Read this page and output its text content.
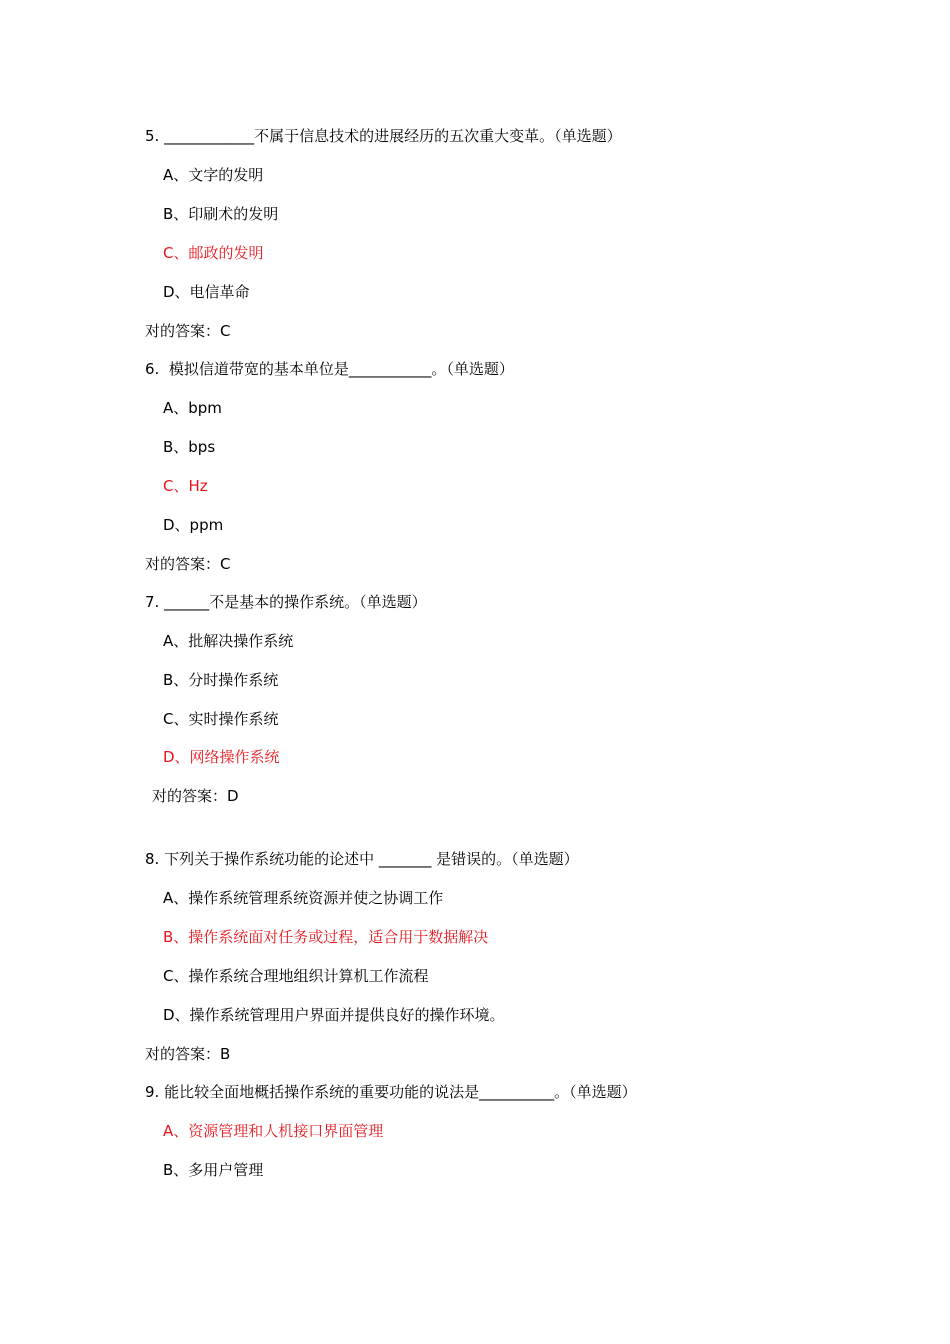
5. ____________不属于信息技术的进展经历的五次重大变革。（单选题）
A、文字的发明
B、印刷术的发明
C、邮政的发明
D、电信革命
对的答案：C
6.  模拟信道带宽的基本单位是___________。（单选题）
A、bpm
B、bps
C、Hz
D、ppm
对的答案：C
7. ______不是基本的操作系统。（单选题）
A、批解决操作系统
B、分时操作系统
C、实时操作系统
D、网络操作系统
对的答案：D
8. 下列关于操作系统功能的论述中 _______ 是错误的。（单选题）
A、操作系统管理系统资源并使之协调工作
B、操作系统面对任务或过程，适合用于数据解决
C、操作系统合理地组织计算机工作流程
D、操作系统管理用户界面并提供良好的操作环境。
对的答案：B
9. 能比较全面地概括操作系统的重要功能的说法是__________。（单选题）
A、资源管理和人机接口界面管理
B、多用户管理
